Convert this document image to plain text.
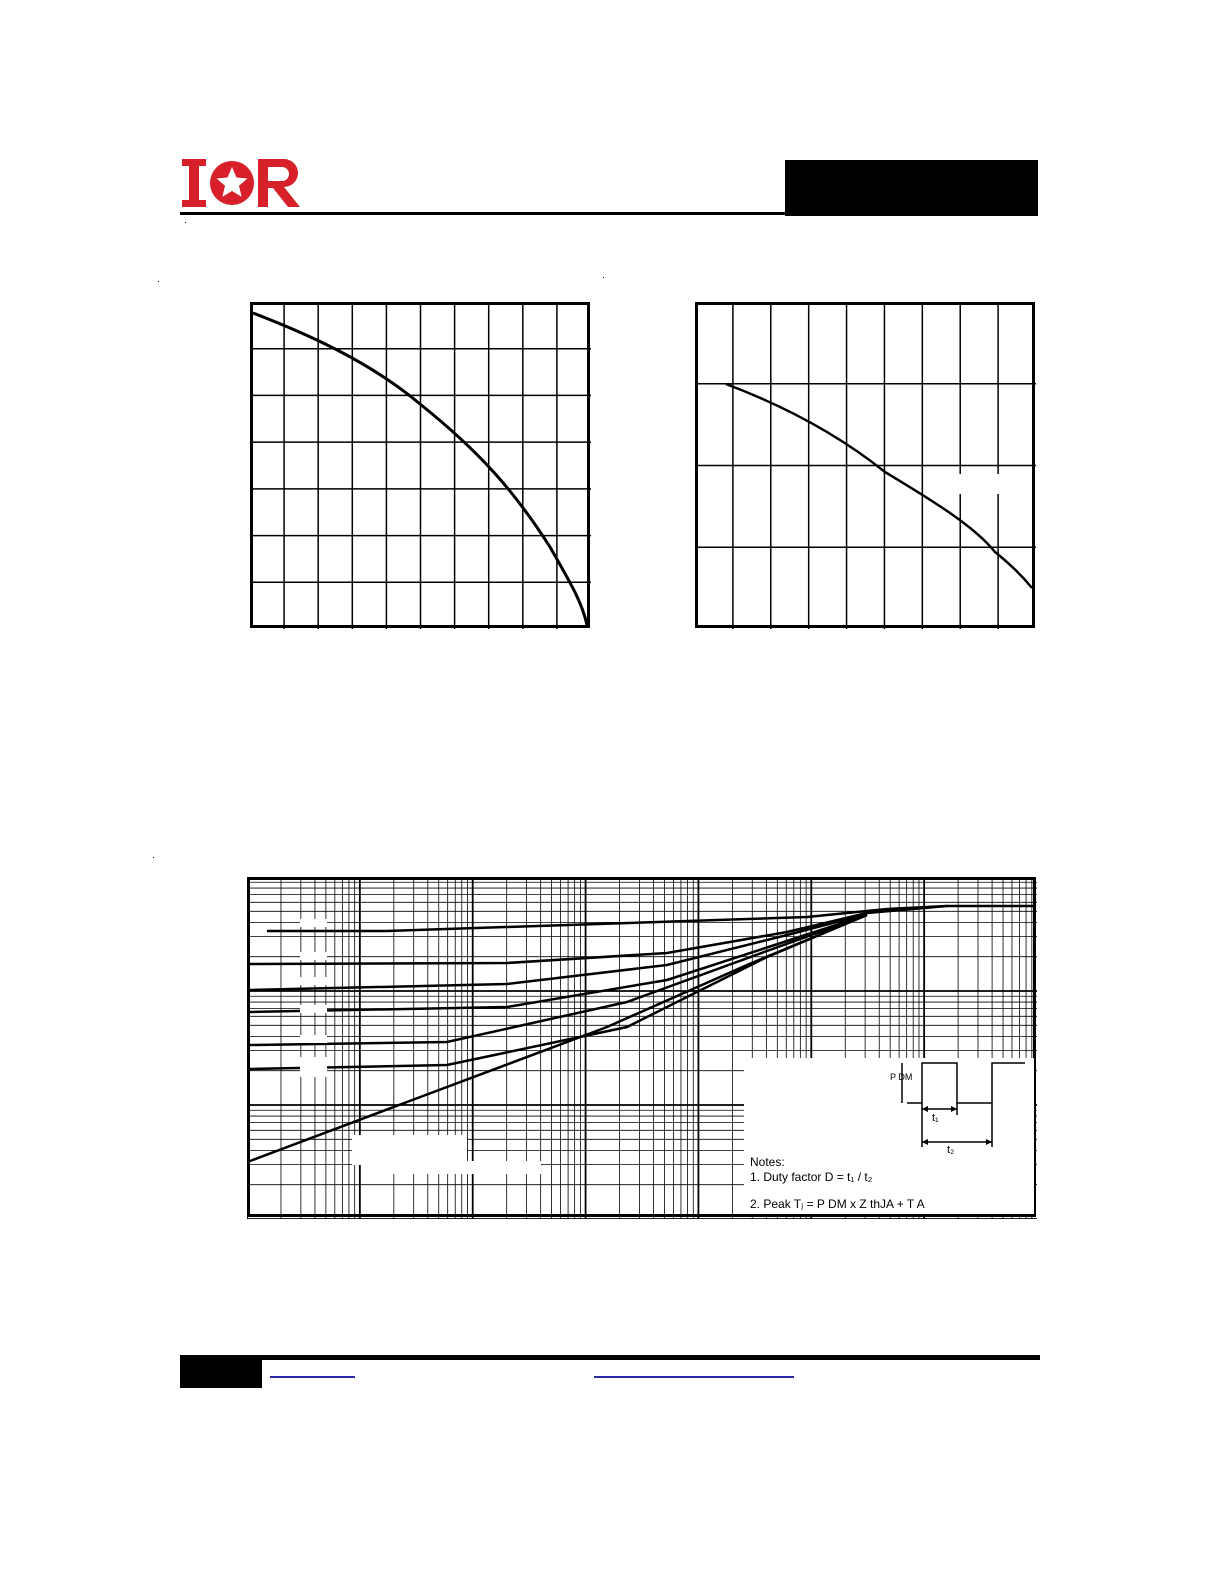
IOR
P DM
t₁
t₂
Notes:
1. Duty factor D = t₁ / t₂
2. Peak Tⱼ = P DM x Z thJA + T A
